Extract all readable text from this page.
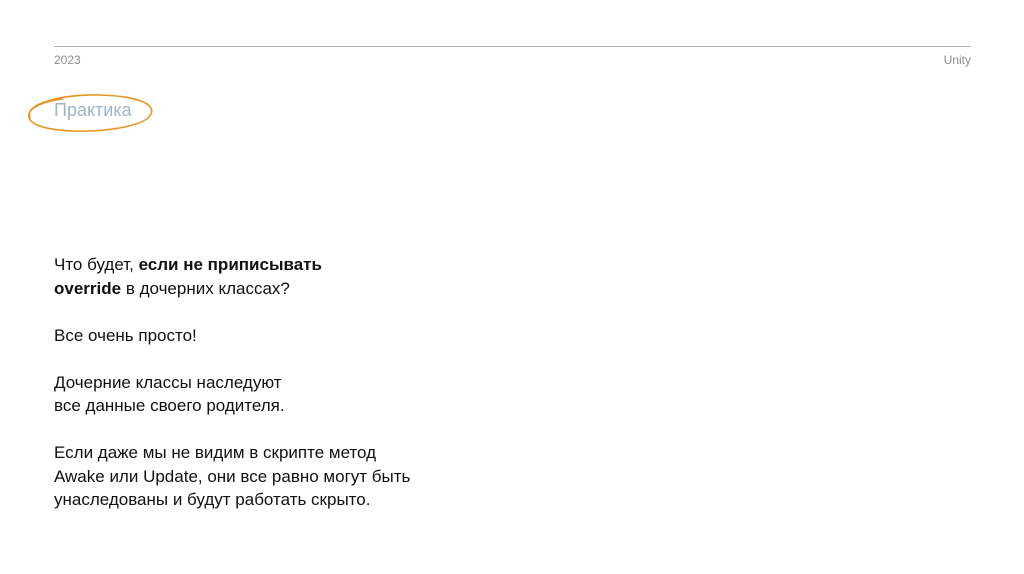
2023	Unity
Практика

Что будет, если не приписывать
override в дочерних классах?

Все очень просто!

Дочерние классы наследуют
все данные своего родителя.

Если даже мы не видим в скрипте метод
Awake или Update, они все равно могут быть
унаследованы и будут работать скрыто.
